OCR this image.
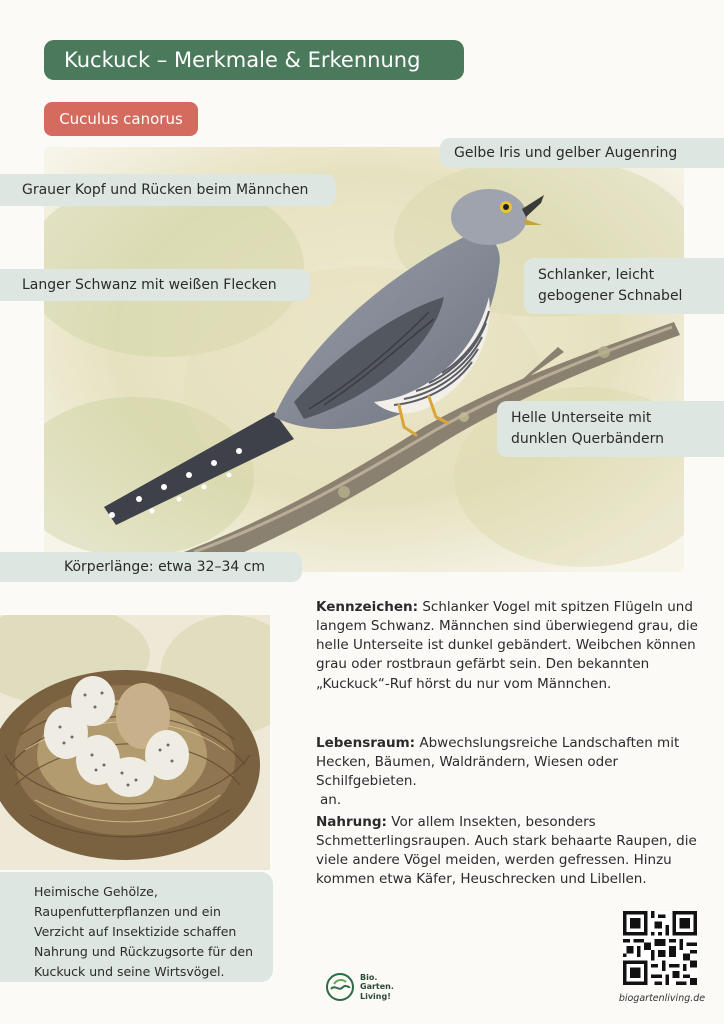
Kuckuck – Merkmale & Erkennung
Cuculus canorus
Gelbe Iris und gelber Augenring
Grauer Kopf und Rücken beim Männchen
Langer Schwanz mit weißen Flecken
Schlanker, leicht
gebogener Schnabel
Helle Unterseite mit
dunklen Querbändern
Körperlänge: etwa 32–34 cm
Heimische Gehölze, Raupenfutterpflanzen und ein Verzicht auf Insektizide schaffen Nahrung und Rückzugsorte für den Kuckuck und seine Wirtsvögel.

Kennzeichen: Schlanker Vogel mit spitzen Flügeln und langem Schwanz. Männchen sind überwiegend grau, die helle Unterseite ist dunkel gebändert. Weibchen können grau oder rostbraun gefärbt sein. Den bekannten „Kuckuck“-Ruf hörst du nur vom Männchen.

Lebensraum: Abwechslungsreiche Landschaften mit Hecken, Bäumen, Waldrändern, Wiesen oder Schilfgebieten.

an.

Nahrung: Vor allem Insekten, besonders Schmetterlingsraupen. Auch stark behaarte Raupen, die viele andere Vögel meiden, werden gefressen. Hinzu kommen etwa Käfer, Heuschrecken und Libellen.

Bio.
Garten.
Living!	biogartenliving.de
